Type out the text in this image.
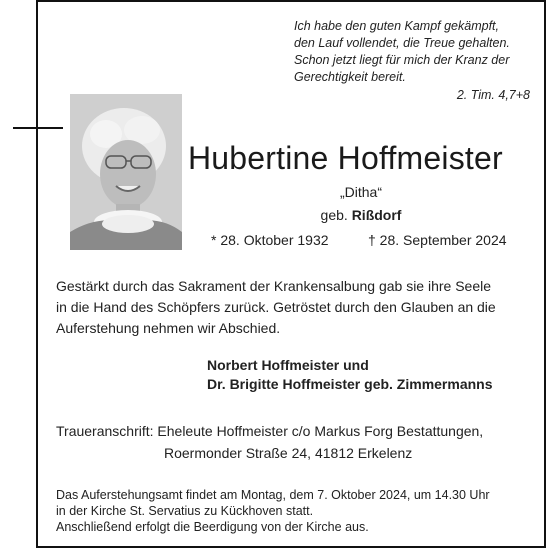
Ich habe den guten Kampf gekämpft,
den Lauf vollendet, die Treue gehalten.
Schon jetzt liegt für mich der Kranz der
Gerechtigkeit bereit.
2. Tim. 4,7+8
Hubertine Hoffmeister
„Ditha“
geb. Rißdorf
* 28. Oktober 1932	† 28. September 2024
Gestärkt durch das Sakrament der Krankensalbung gab sie ihre Seele
in die Hand des Schöpfers zurück. Getröstet durch den Glauben an die
Auferstehung nehmen wir Abschied.
Norbert Hoffmeister und
Dr. Brigitte Hoffmeister geb. Zimmermanns
Traueranschrift: Eheleute Hoffmeister c/o Markus Forg Bestattungen,
Roermonder Straße 24, 41812 Erkelenz
Das Auferstehungsamt findet am Montag, dem 7. Oktober 2024, um 14.30 Uhr
in der Kirche St. Servatius zu Kückhoven statt.
Anschließend erfolgt die Beerdigung von der Kirche aus.
